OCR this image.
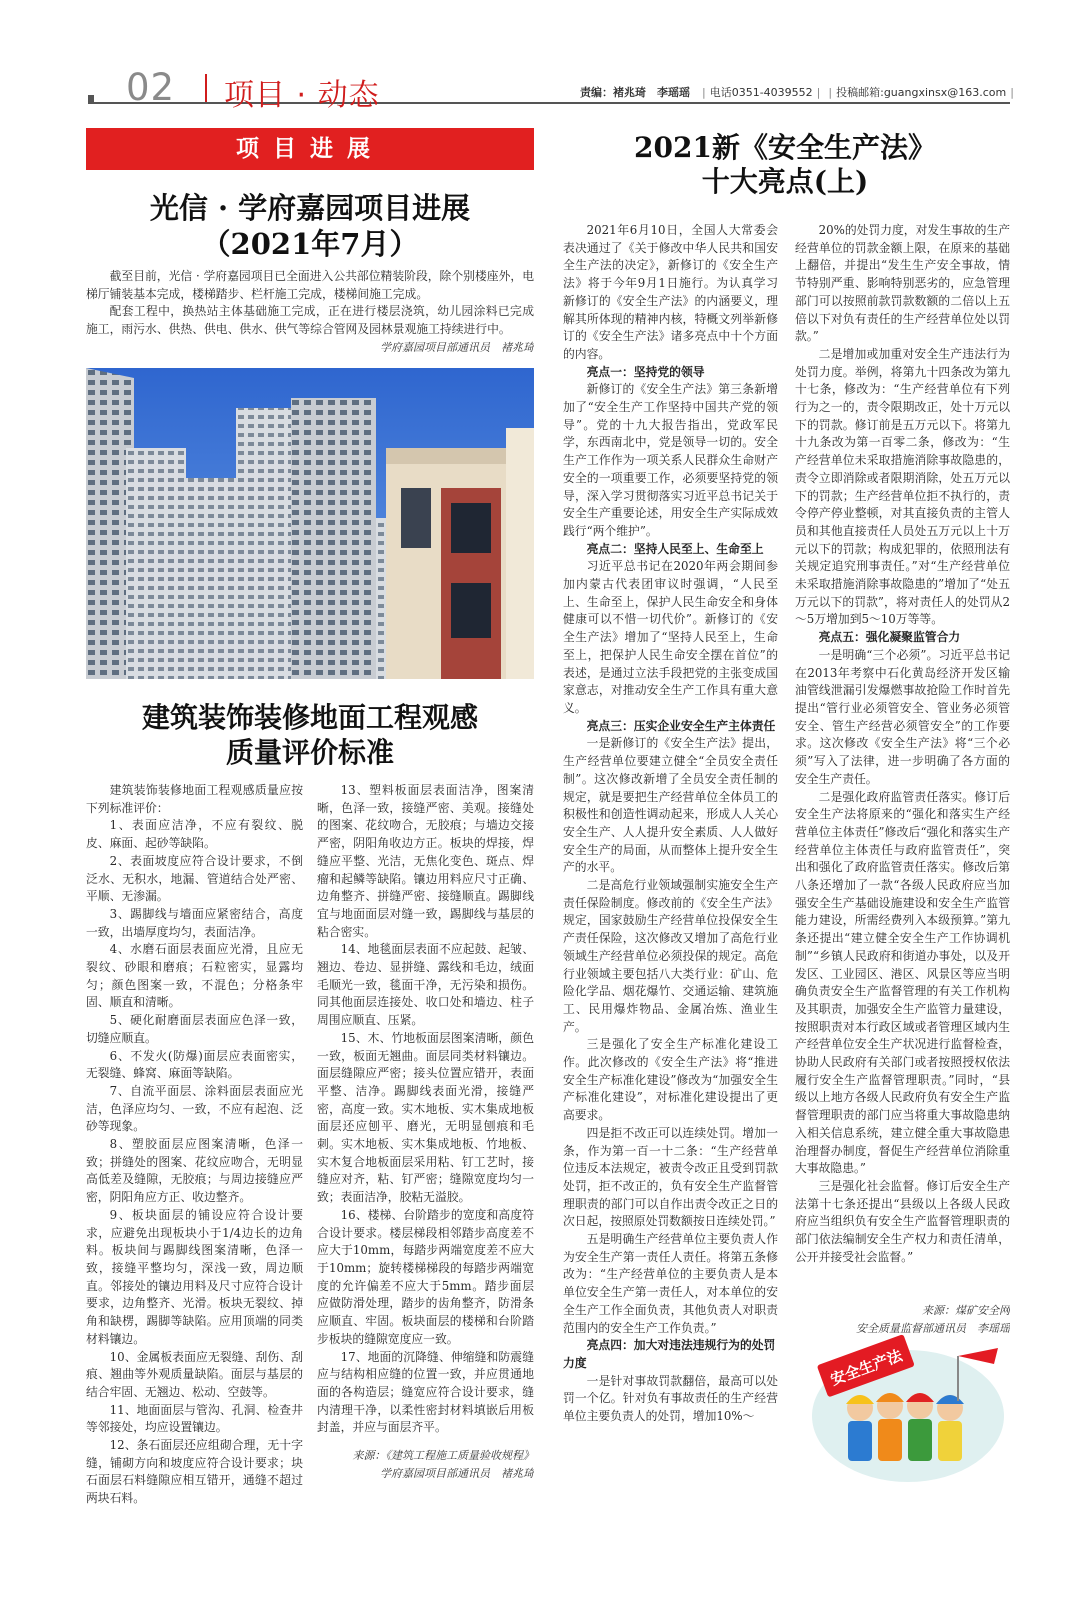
02 项目 · 动态	责编：褚兆琦　李瑶瑶 | 电话0351-4039552 | | 投稿邮箱:guangxinsx@163.com |
项目进展
光信 · 学府嘉园项目进展
（2021年7月）

截至目前，光信 · 学府嘉园项目已全面进入公共部位精装阶段，除个别楼座外，电梯厅铺装基本完成，楼梯踏步、栏杆施工完成，楼梯间施工完成。

配套工程中，换热站主体基础施工完成，正在进行楼层浇筑，幼儿园涂料已完成施工，雨污水、供热、供电、供水、供气等综合管网及园林景观施工持续进行中。

学府嘉园项目部通讯员　褚兆琦

建筑装饰装修地面工程观感
质量评价标准

建筑装饰装修地面工程观感质量应按下列标准评价：

1、表面应洁净，不应有裂纹、脱皮、麻面、起砂等缺陷。

2、表面坡度应符合设计要求，不倒泛水、无积水，地漏、管道结合处严密、平顺、无渗漏。

3、踢脚线与墙面应紧密结合，高度一致，出墙厚度均匀，表面洁净。

4、水磨石面层表面应光滑，且应无裂纹、砂眼和磨痕；石粒密实，显露均匀；颜色图案一致，不混色；分格条牢固、顺直和清晰。

5、硬化耐磨面层表面应色泽一致，切缝应顺直。

6、不发火(防爆)面层应表面密实，无裂缝、蜂窝、麻面等缺陷。

7、自流平面层、涂料面层表面应光洁，色泽应均匀、一致，不应有起泡、泛砂等现象。

8、塑胶面层应图案清晰，色泽一致；拼缝处的图案、花纹应吻合，无明显高低差及缝隙，无胶痕；与周边接缝应严密，阴阳角应方正、收边整齐。

9、板块面层的铺设应符合设计要求，应避免出现板块小于1/4边长的边角料。板块间与踢脚线图案清晰，色泽一致，接缝平整均匀，深浅一致，周边顺直。邻接处的镶边用料及尺寸应符合设计要求，边角整齐、光滑。板块无裂纹、掉角和缺楞，踢脚等缺陷。应用顶端的同类材料镶边。

10、金属板表面应无裂缝、刮伤、刮痕、翘曲等外观质量缺陷。面层与基层的结合牢固、无翘边、松动、空鼓等。

11、地面面层与管沟、孔洞、检查井等邻接处，均应设置镶边。

12、条石面层还应组砌合理，无十字缝，铺砌方向和坡度应符合设计要求；块石面层石料缝隙应相互错开，通缝不超过两块石料。

13、塑料板面层表面洁净，图案清晰，色泽一致，接缝严密、美观。接缝处的图案、花纹吻合，无胶痕；与墙边交接严密，阴阳角收边方正。板块的焊接，焊缝应平整、光洁，无焦化变色、斑点、焊瘤和起鳞等缺陷。镶边用料应尺寸正确、边角整齐、拼缝严密、接缝顺直。踢脚线宜与地面面层对缝一致，踢脚线与基层的粘合密实。

14、地毯面层表面不应起鼓、起皱、翘边、卷边、显拼缝、露线和毛边，绒面毛顺光一致，毯面干净，无污染和损伤。同其他面层连接处、收口处和墙边、柱子周围应顺直、压紧。

15、木、竹地板面层图案清晰，颜色一致，板面无翘曲。面层同类材料镶边。面层缝隙应严密；接头位置应错开，表面平整、洁净。踢脚线表面光滑，接缝严密，高度一致。实木地板、实木集成地板面层还应刨平、磨光，无明显刨痕和毛刺。实木地板、实木集成地板、竹地板、实木复合地板面层采用粘、钉工艺时，接缝应对齐，粘、钉严密；缝隙宽度均匀一致；表面洁净，胶粘无溢胶。

16、楼梯、台阶踏步的宽度和高度符合设计要求。楼层梯段相邻踏步高度差不应大于10mm，每踏步两端宽度差不应大于10mm；旋转楼梯梯段的每踏步两端宽度的允许偏差不应大于5mm。踏步面层应做防滑处理，踏步的齿角整齐，防滑条应顺直、牢固。板块面层的楼梯和台阶踏步板块的缝隙宽度应一致。

17、地面的沉降缝、伸缩缝和防震缝应与结构相应缝的位置一致，并应贯通地面的各构造层；缝宽应符合设计要求，缝内清理干净，以柔性密封材料填嵌后用板封盖，并应与面层齐平。

来源：《建筑工程施工质量验收规程》

学府嘉园项目部通讯员　褚兆琦

2021新《安全生产法》
十大亮点(上)

2021年6月10日，全国人大常委会表决通过了《关于修改中华人民共和国安全生产法的决定》，新修订的《安全生产法》将于今年9月1日施行。为认真学习新修订的《安全生产法》的内涵要义，理解其所体现的精神内核，特概文列举新修订的《安全生产法》诸多亮点中十个方面的内容。

亮点一：坚持党的领导

新修订的《安全生产法》第三条新增加了“安全生产工作坚持中国共产党的领导”。党的十九大报告指出，党政军民学，东西南北中，党是领导一切的。安全生产工作作为一项关系人民群众生命财产安全的一项重要工作，必须要坚持党的领导，深入学习贯彻落实习近平总书记关于安全生产重要论述，用安全生产实际成效践行“两个维护”。

亮点二：坚持人民至上、生命至上

习近平总书记在2020年两会期间参加内蒙古代表团审议时强调，“人民至上、生命至上，保护人民生命安全和身体健康可以不惜一切代价”。新修订的《安全生产法》增加了“坚持人民至上，生命至上，把保护人民生命安全摆在首位”的表述，是通过立法手段把党的主张变成国家意志，对推动安全生产工作具有重大意义。

亮点三：压实企业安全生产主体责任

一是新修订的《安全生产法》提出，生产经营单位要建立健全“全员安全责任制”。这次修改新增了全员安全责任制的规定，就是要把生产经营单位全体员工的积极性和创造性调动起来，形成人人关心安全生产、人人提升安全素质、人人做好安全生产的局面，从而整体上提升安全生产的水平。

二是高危行业领域强制实施安全生产责任保险制度。修改前的《安全生产法》规定，国家鼓励生产经营单位投保安全生产责任保险，这次修改又增加了高危行业领域生产经营单位必须投保的规定。高危行业领域主要包括八大类行业：矿山、危险化学品、烟花爆竹、交通运输、建筑施工、民用爆炸物品、金属冶炼、渔业生产。

三是强化了安全生产标准化建设工作。此次修改的《安全生产法》将“推进安全生产标准化建设”修改为“加强安全生产标准化建设”，对标准化建设提出了更高要求。

四是拒不改正可以连续处罚。增加一条，作为第一百一十二条：“生产经营单位违反本法规定，被责令改正且受到罚款处罚，拒不改正的，负有安全生产监督管理职责的部门可以自作出责令改正之日的次日起，按照原处罚数额按日连续处罚。”

五是明确生产经营单位主要负责人作为安全生产第一责任人责任。将第五条修改为：“生产经营单位的主要负责人是本单位安全生产第一责任人，对本单位的安全生产工作全面负责，其他负责人对职责范围内的安全生产工作负责。”

亮点四：加大对违法违规行为的处罚力度

一是针对事故罚款翻倍，最高可以处罚一个亿。针对负有事故责任的生产经营单位主要负责人的处罚，增加10%～

20%的处罚力度，对发生事故的生产经营单位的罚款金额上限，在原来的基础上翻倍，并提出“发生生产安全事故，情节特别严重、影响特别恶劣的，应急管理部门可以按照前款罚款数额的二倍以上五倍以下对负有责任的生产经营单位处以罚款。”

二是增加或加重对安全生产违法行为处罚力度。举例，将第九十四条改为第九十七条，修改为：“生产经营单位有下列行为之一的，责令限期改正，处十万元以下的罚款。修订前是五万元以下。将第九十九条改为第一百零二条，修改为：“生产经营单位未采取措施消除事故隐患的，责令立即消除或者限期消除，处五万元以下的罚款；生产经营单位拒不执行的，责令停产停业整顿，对其直接负责的主管人员和其他直接责任人员处五万元以上十万元以下的罚款；构成犯罪的，依照刑法有关规定追究刑事责任。”对“生产经营单位未采取措施消除事故隐患的”增加了“处五万元以下的罚款”，将对责任人的处罚从2～5万增加到5～10万等等。

亮点五：强化凝聚监管合力

一是明确“三个必须”。习近平总书记在2013年考察中石化黄岛经济开发区输油管线泄漏引发爆燃事故抢险工作时首先提出“管行业必须管安全、管业务必须管安全、管生产经营必须管安全”的工作要求。这次修改《安全生产法》将“三个必须”写入了法律，进一步明确了各方面的安全生产责任。

二是强化政府监管责任落实。修订后安全生产法将原来的“强化和落实生产经营单位主体责任”修改后“强化和落实生产经营单位主体责任与政府监管责任”，突出和强化了政府监管责任落实。修改后第八条还增加了一款“各级人民政府应当加强安全生产基础设施建设和安全生产监管能力建设，所需经费列入本级预算。”第九条还提出“建立健全安全生产工作协调机制”“乡镇人民政府和街道办事处，以及开发区、工业园区、港区、风景区等应当明确负责安全生产监督管理的有关工作机构及其职责，加强安全生产监管力量建设，按照职责对本行政区域或者管理区域内生产经营单位安全生产状况进行监督检查，协助人民政府有关部门或者按照授权依法履行安全生产监督管理职责。”同时，“县级以上地方各级人民政府负有安全生产监督管理职责的部门应当将重大事故隐患纳入相关信息系统，建立健全重大事故隐患治理督办制度，督促生产经营单位消除重大事故隐患。”

三是强化社会监督。修订后安全生产法第十七条还提出“县级以上各级人民政府应当组织负有安全生产监督管理职责的部门依法编制安全生产权力和责任清单，公开并接受社会监督。”

来源：煤矿安全网

安全质量监督部通讯员　李瑶瑶

安全生产法
